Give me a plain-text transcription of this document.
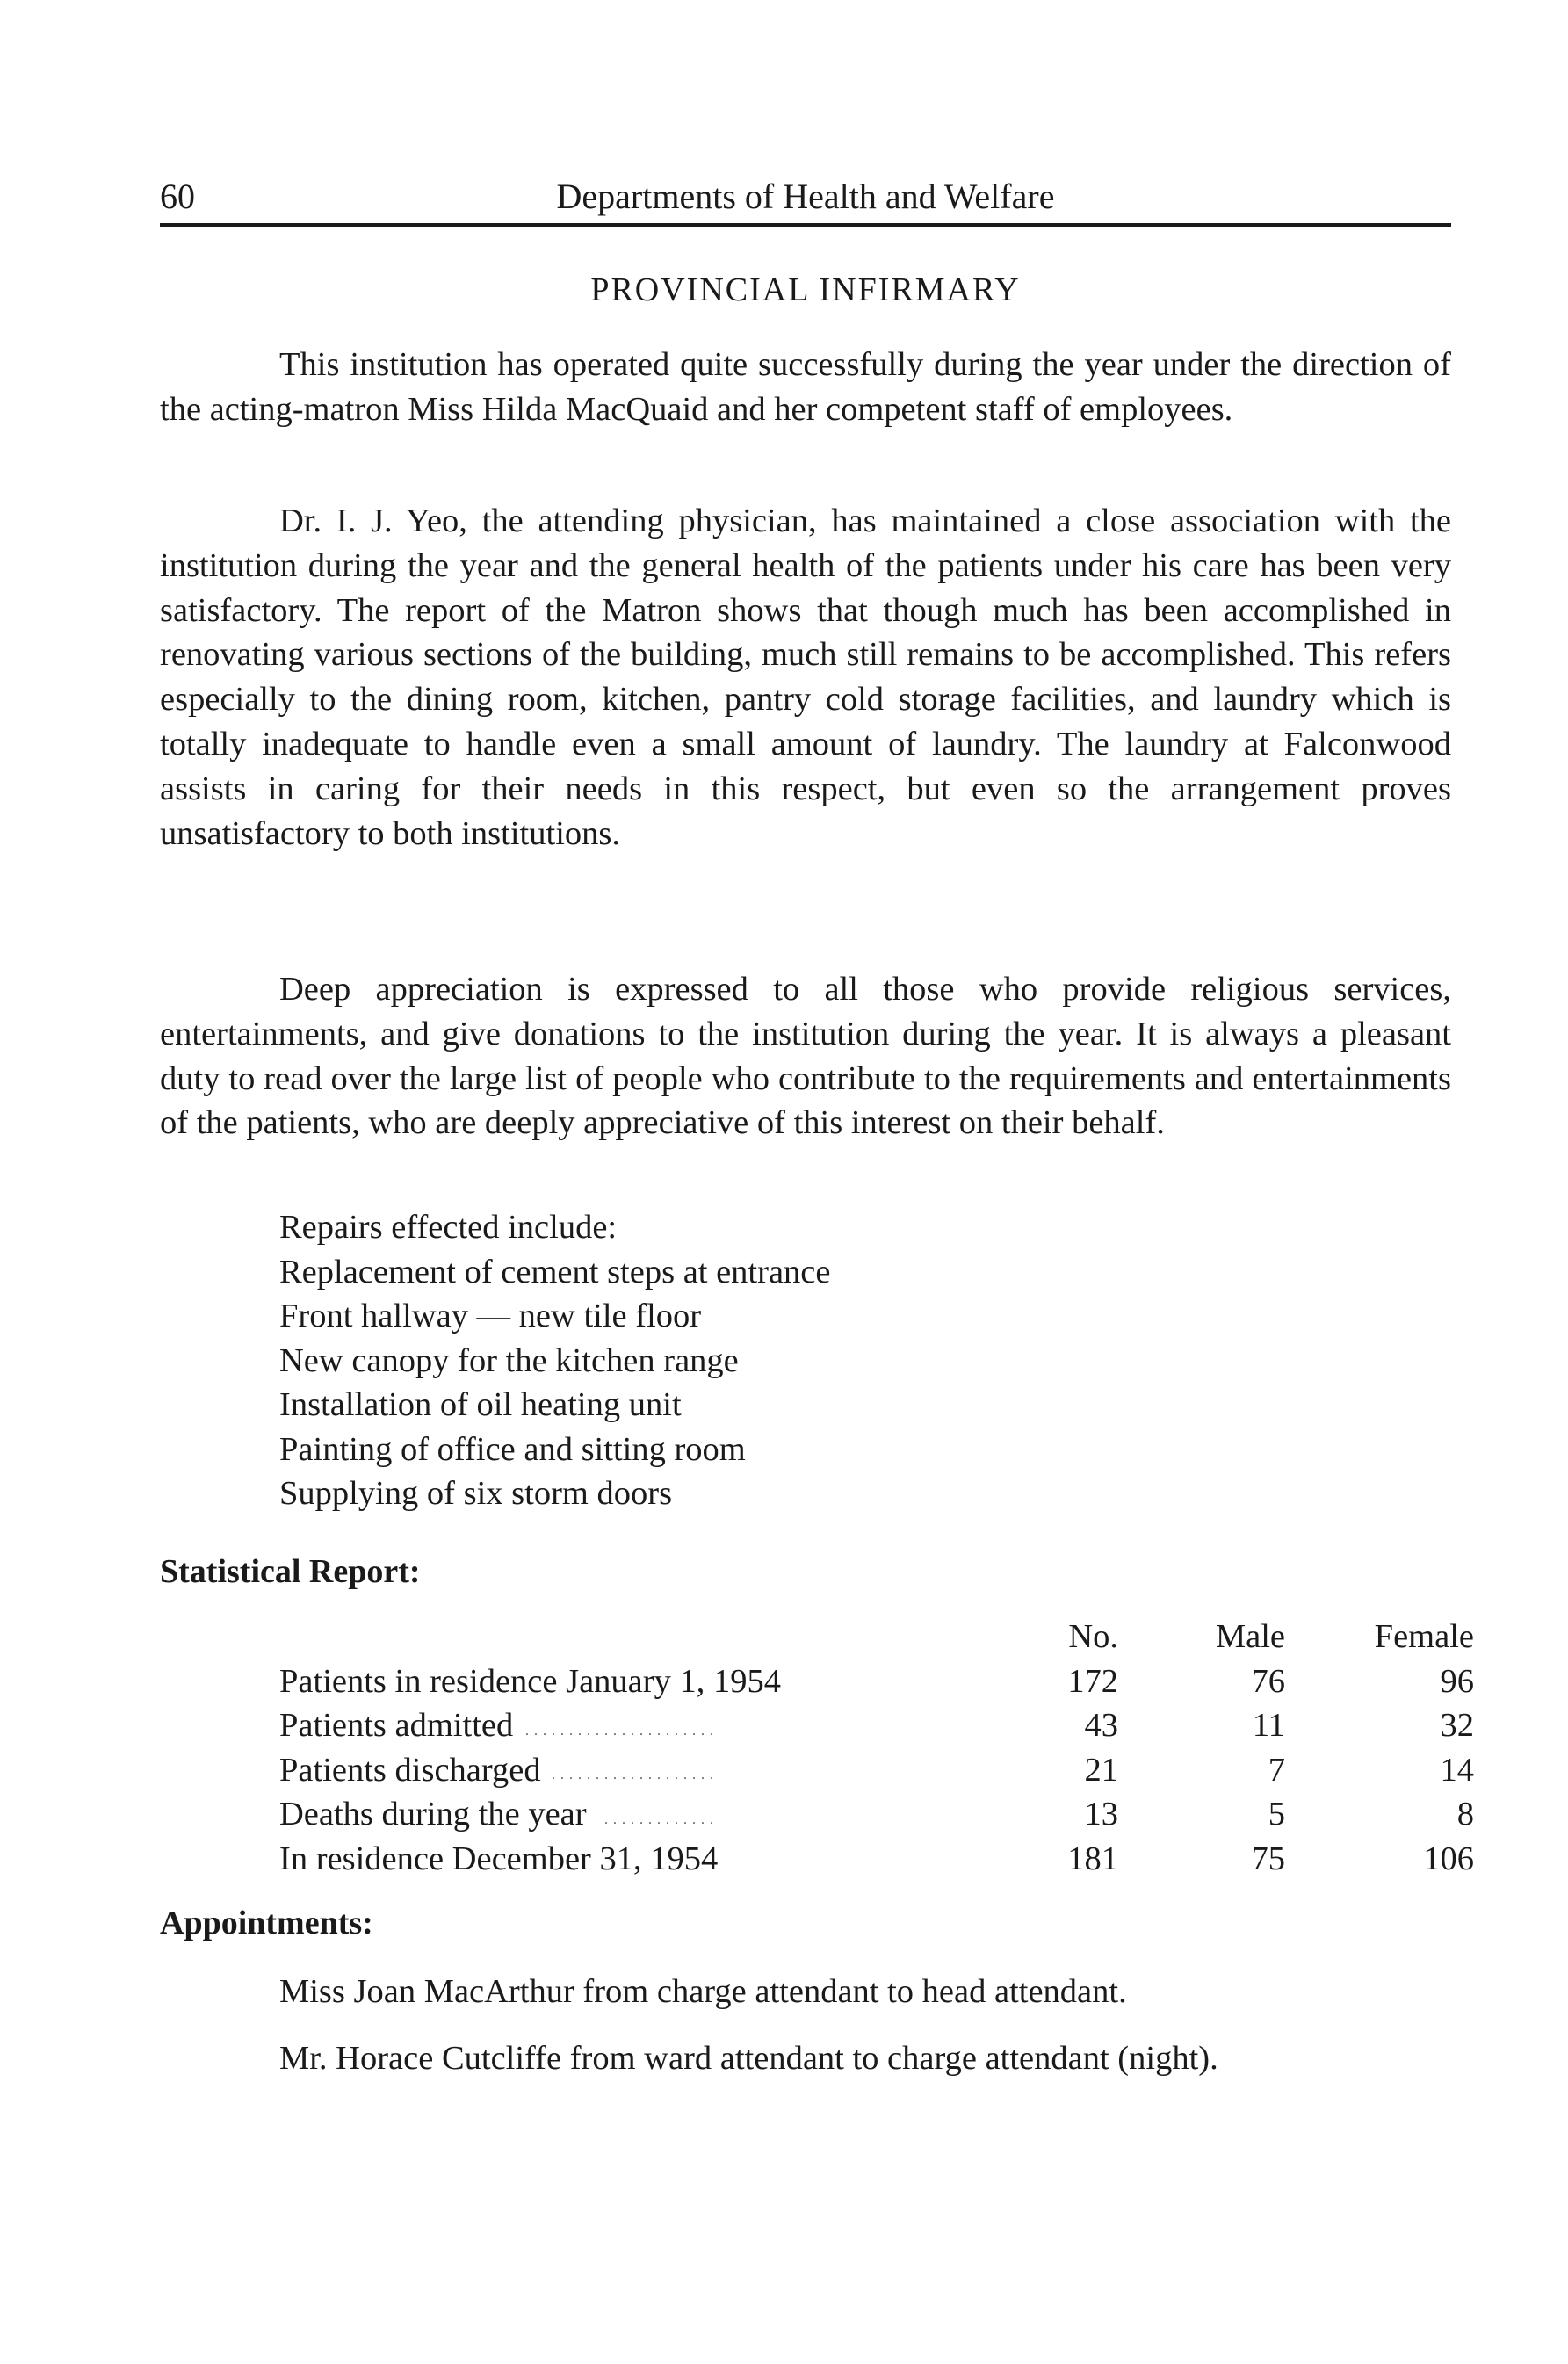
60	Departments of Health and Welfare
PROVINCIAL INFIRMARY

This institution has operated quite successfully during the year under the direction of the acting-matron Miss Hilda MacQuaid and her competent staff of employees.

Dr. I. J. Yeo, the attending physician, has maintained a close association with the institution during the year and the general health of the patients under his care has been very satisfactory. The report of the Matron shows that though much has been accomplished in renovating various sections of the building, much still remains to be accomplished. This refers especially to the dining room, kitchen, pantry cold storage facilities, and laundry which is totally inadequate to handle even a small amount of laundry. The laundry at Falconwood assists in caring for their needs in this respect, but even so the arrangement proves unsatisfactory to both institutions.

Deep appreciation is expressed to all those who provide religious services, entertainments, and give donations to the institution during the year. It is always a pleasant duty to read over the large list of people who contribute to the requirements and entertainments of the patients, who are deeply appreciative of this interest on their behalf.

Repairs effected include:
Replacement of cement steps at entrance
Front hallway — new tile floor
New canopy for the kitchen range
Installation of oil heating unit
Painting of office and sitting room
Supplying of six storm doors
Statistical Report:
	No.	Male	Female
Patients in residence January 1, 1954 . . .	172	76	96
Patients admitted . . .	43	11	32
Patients discharged . . .	21	7	14
Deaths during the year . . .	13	5	8
In residence December 31, 1954 . . .	181	75	106
Appointments:

Miss Joan MacArthur from charge attendant to head attendant.

Mr. Horace Cutcliffe from ward attendant to charge attendant (night).
